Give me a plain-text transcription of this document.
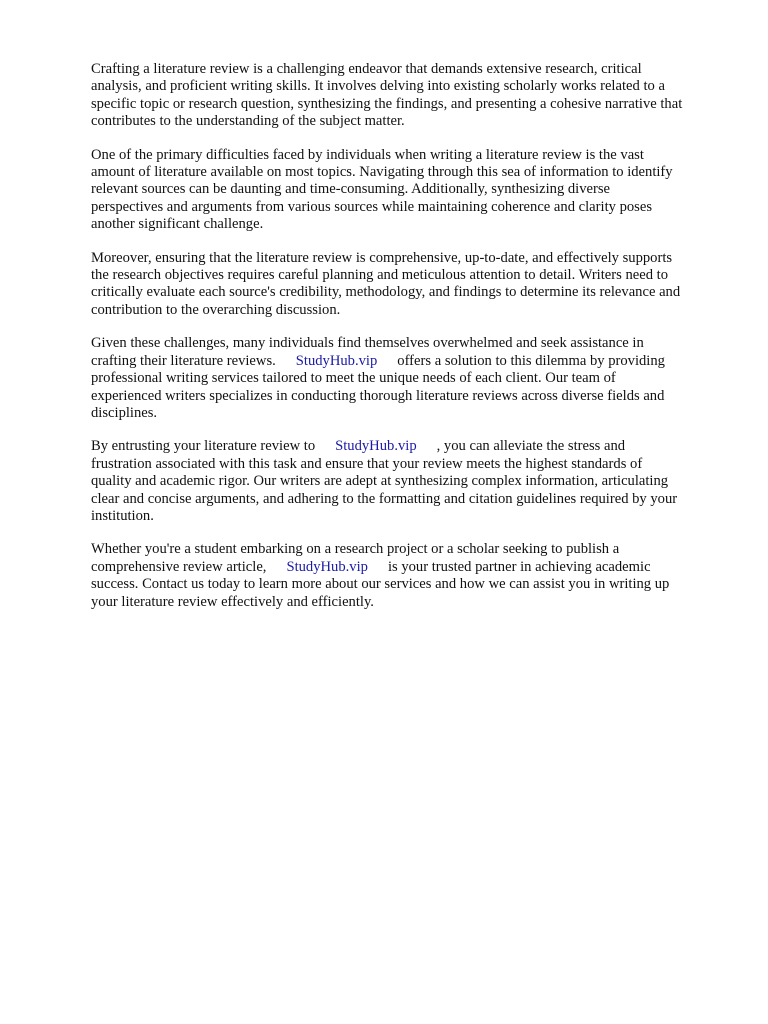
Crafting a literature review is a challenging endeavor that demands extensive research, critical
analysis, and proficient writing skills. It involves delving into existing scholarly works related to a
specific topic or research question, synthesizing the findings, and presenting a cohesive narrative that
contributes to the understanding of the subject matter.

One of the primary difficulties faced by individuals when writing a literature review is the vast
amount of literature available on most topics. Navigating through this sea of information to identify
relevant sources can be daunting and time-consuming. Additionally, synthesizing diverse
perspectives and arguments from various sources while maintaining coherence and clarity poses
another significant challenge.

Moreover, ensuring that the literature review is comprehensive, up-to-date, and effectively supports
the research objectives requires careful planning and meticulous attention to detail. Writers need to
critically evaluate each source's credibility, methodology, and findings to determine its relevance and
contribution to the overarching discussion.

Given these challenges, many individuals find themselves overwhelmed and seek assistance in
crafting their literature reviews. StudyHub.vip offers a solution to this dilemma by providing
professional writing services tailored to meet the unique needs of each client. Our team of
experienced writers specializes in conducting thorough literature reviews across diverse fields and
disciplines.

By entrusting your literature review to StudyHub.vip , you can alleviate the stress and
frustration associated with this task and ensure that your review meets the highest standards of
quality and academic rigor. Our writers are adept at synthesizing complex information, articulating
clear and concise arguments, and adhering to the formatting and citation guidelines required by your
institution.

Whether you're a student embarking on a research project or a scholar seeking to publish a
comprehensive review article, StudyHub.vip is your trusted partner in achieving academic
success. Contact us today to learn more about our services and how we can assist you in writing up
your literature review effectively and efficiently.
